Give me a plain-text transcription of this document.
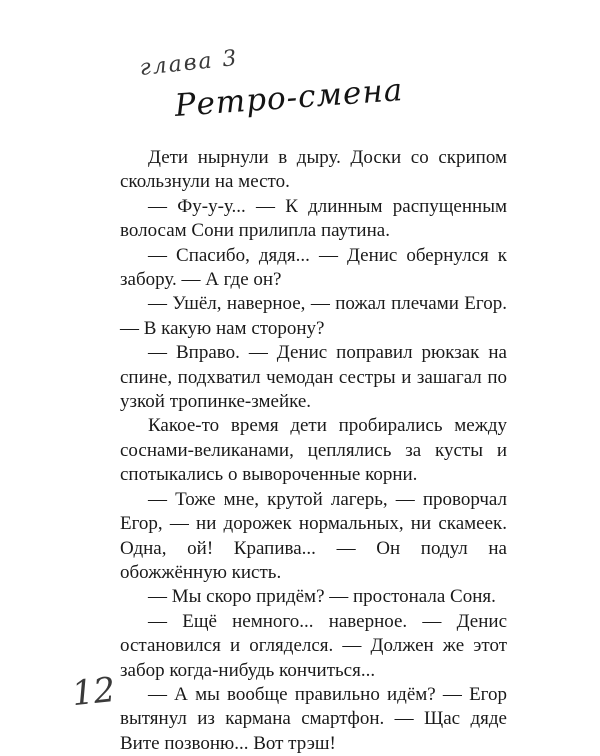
глава 3
Ретро-смена

Дети нырнули в дыру. Доски со скрипом скользнули на место.

— Фу-у-у... — К длинным распущенным волосам Сони прилипла паутина.

— Спасибо, дядя... — Денис обернулся к забору. — А где он?

— Ушёл, наверное, — пожал плечами Егор. — В какую нам сторону?

— Вправо. — Денис поправил рюкзак на спине, подхватил чемодан сестры и зашагал по узкой тропинке-змейке.

Какое-то время дети пробирались между соснами-великанами, цеплялись за кусты и спотыкались о вывороченные корни.

— Тоже мне, крутой лагерь, — проворчал Егор, — ни дорожек нормальных, ни скамеек. Одна, ой! Крапива... — Он подул на обожжённую кисть.

— Мы скоро придём? — простонала Соня.

— Ещё немного... наверное. — Денис остановился и огляделся. — Должен же этот забор когда-нибудь кончиться...

— А мы вообще правильно идём? — Егор вытянул из кармана смартфон. — Щас дяде Вите позвоню... Вот трэш!

12
